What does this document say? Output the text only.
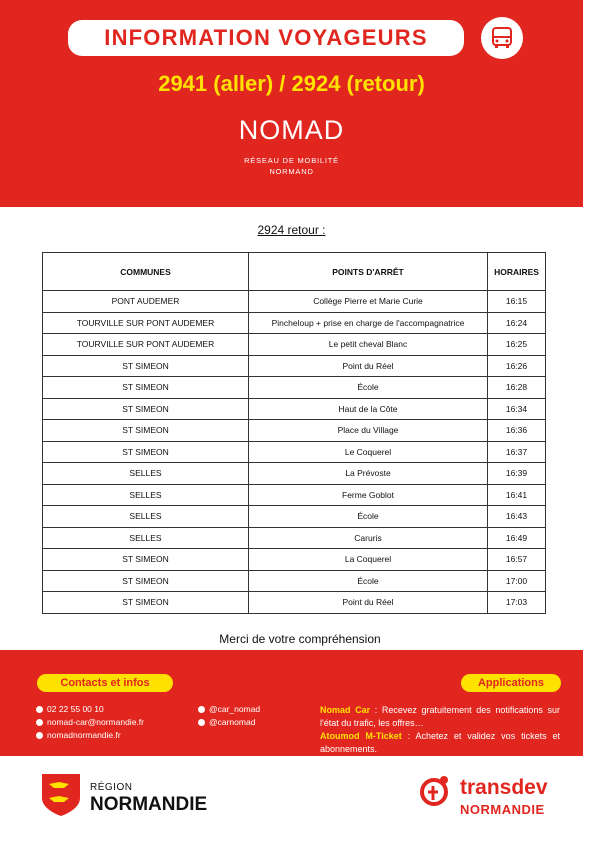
INFORMATION VOYAGEURS
2941 (aller) / 2924 (retour)
NOMAD
RÉSEAU DE MOBILITÉ
NORMAND
2924 retour :
COMMUNES	POINTS D'ARRÊT	HORAIRES
PONT AUDEMER	Collège Pierre et Marie Curie	16:15
TOURVILLE SUR PONT AUDEMER	Pincheloup + prise en charge de l'accompagnatrice	16:24
TOURVILLE SUR PONT AUDEMER	Le petit cheval Blanc	16:25
ST SIMEON	Point du Réel	16:26
ST SIMEON	École	16:28
ST SIMEON	Haut de la Côte	16:34
ST SIMEON	Place du Village	16:36
ST SIMEON	Le Coquerel	16:37
SELLES	La Prévoste	16:39
SELLES	Ferme Goblot	16:41
SELLES	École	16:43
SELLES	Caruris	16:49
ST SIMEON	La Coquerel	16:57
ST SIMEON	École	17:00
ST SIMEON	Point du Réel	17:03
Merci de votre compréhension
Contacts et infos	Applications
02 22 55 00 10
nomad-car@normandie.fr
nomadnormandie.fr
@car_nomad
@carnomad
Nomad Car : Recevez gratuitement des notifications sur l'état du trafic, les offres…
Atoumod M-Ticket : Achetez et validez vos tickets et abonnements.
RÉGION
NORMANDIE
transdev
NORMANDIE
